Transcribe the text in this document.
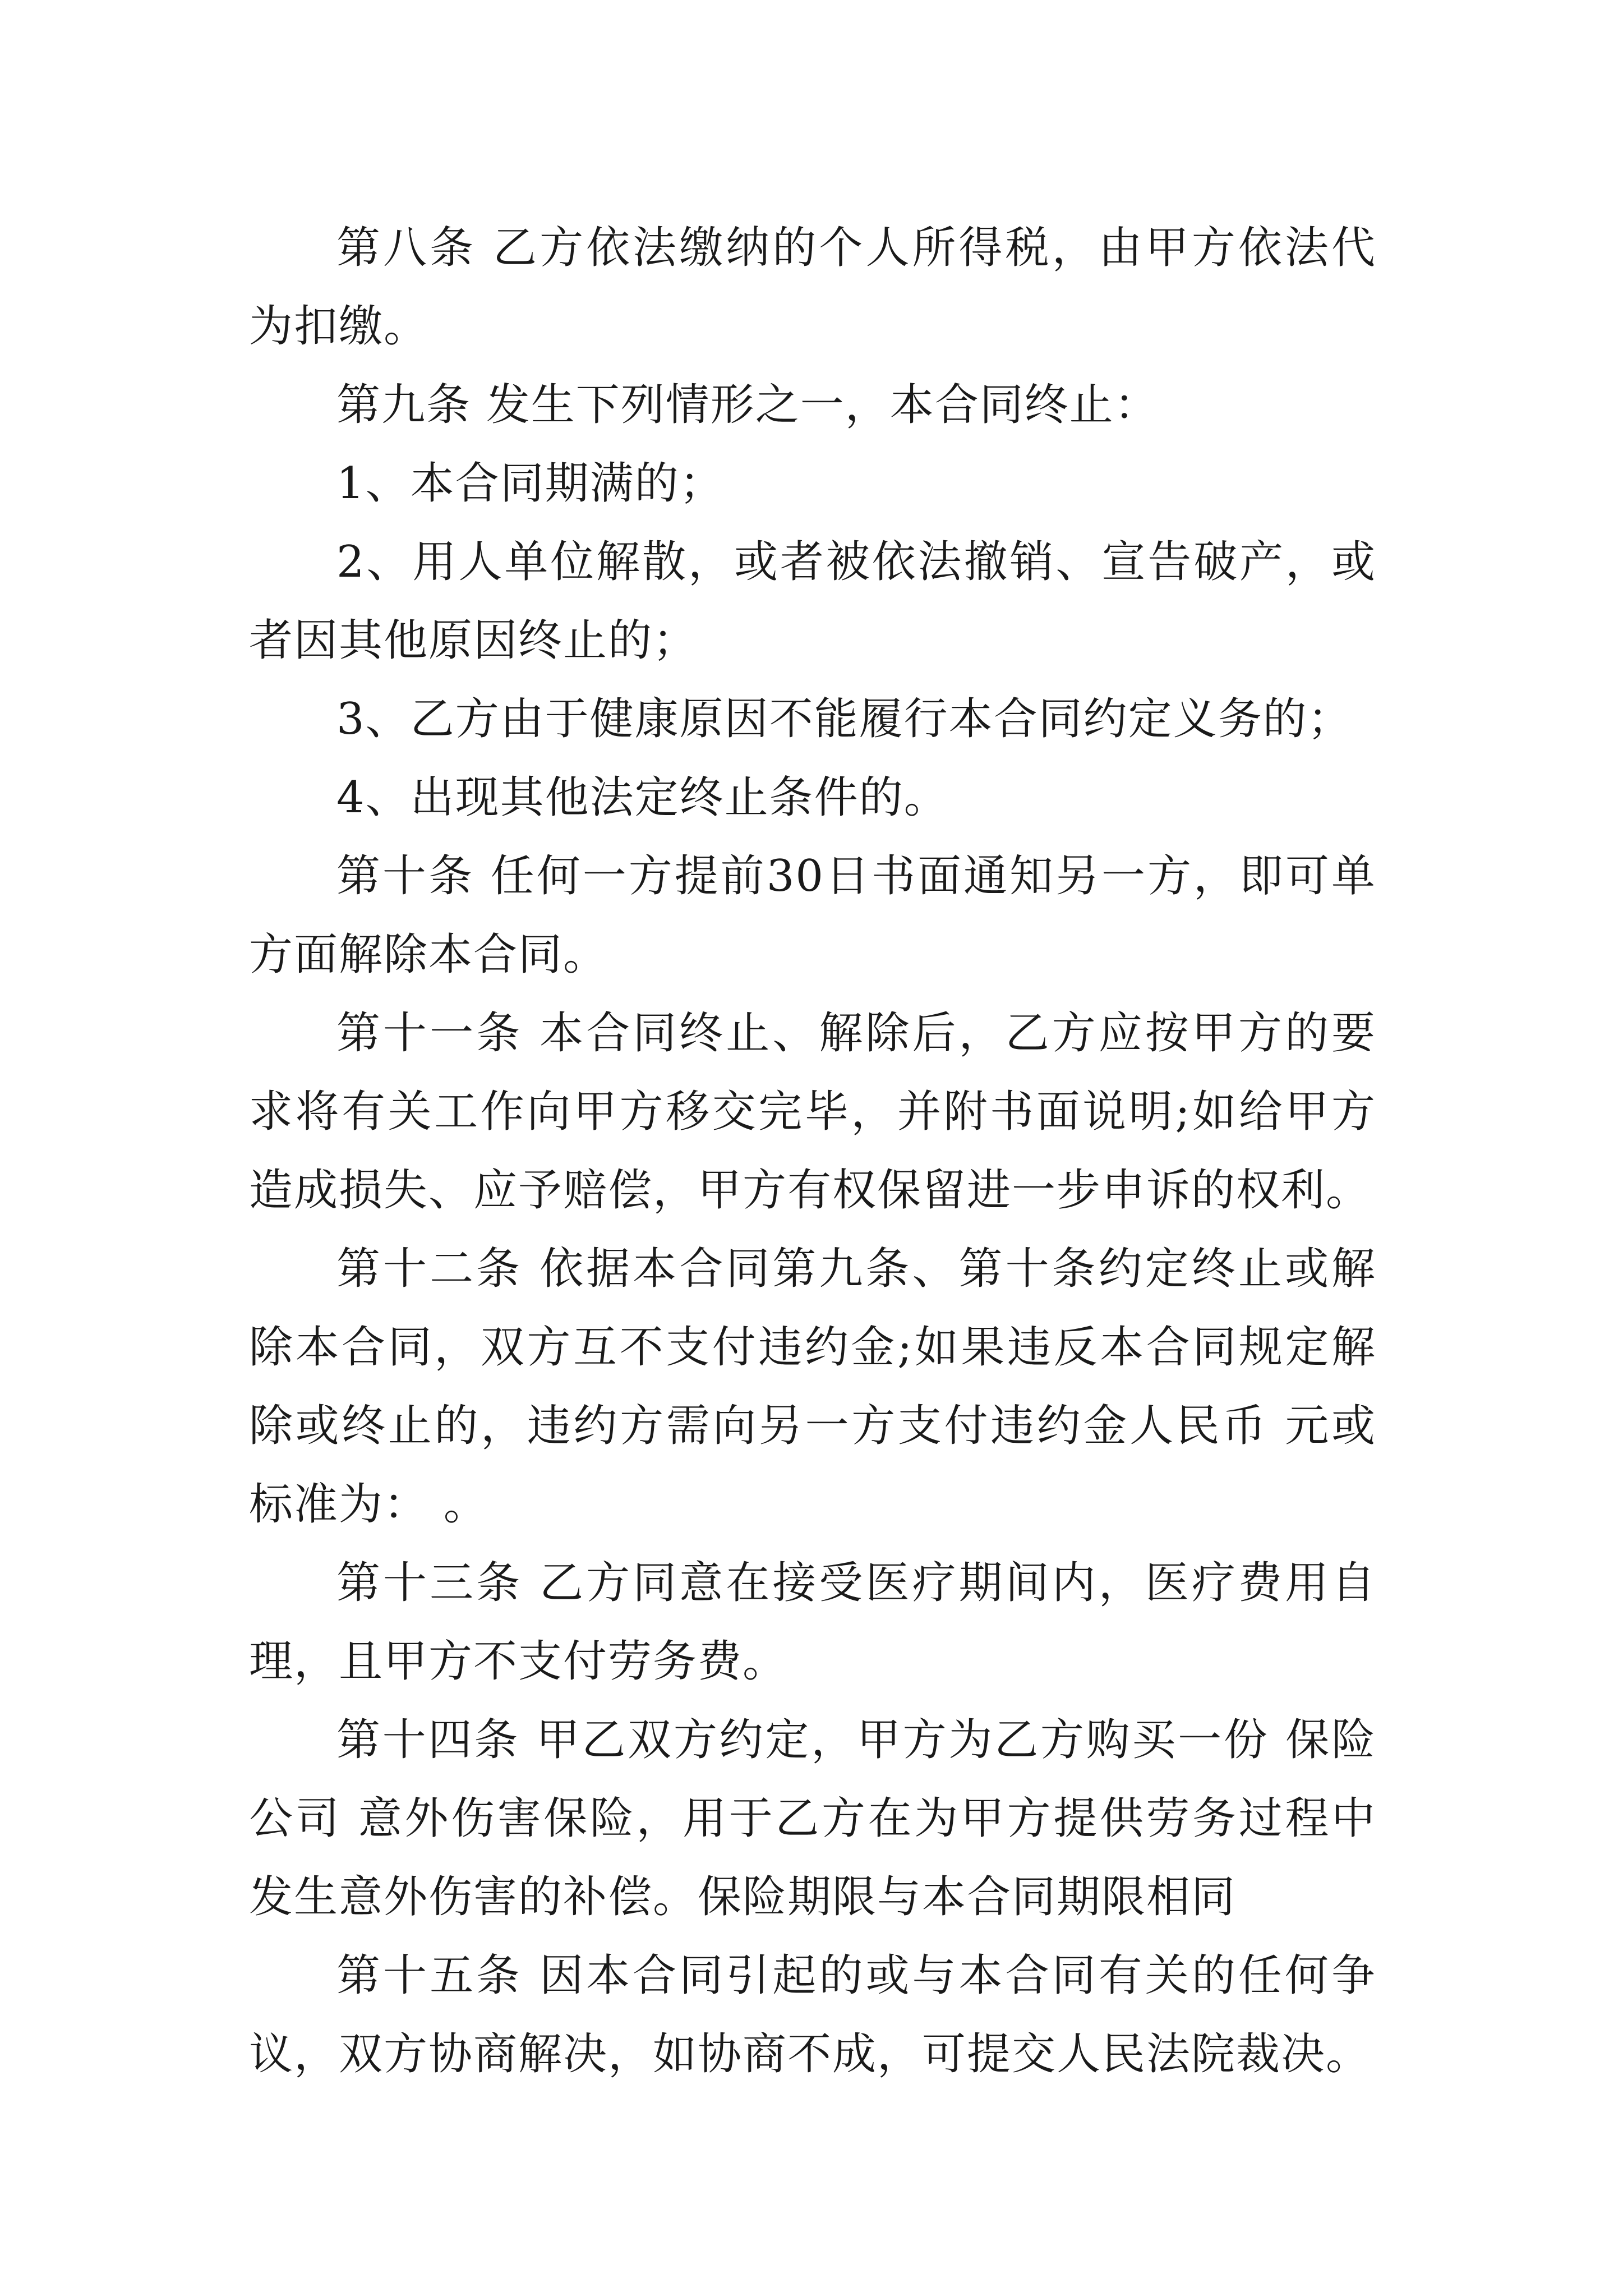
第八条 乙方依法缴纳的个人所得税，由甲方依法代为扣缴。

第九条 发生下列情形之一，本合同终止：

1、本合同期满的；

2、用人单位解散，或者被依法撤销、宣告破产，或者因其他原因终止的；

3、乙方由于健康原因不能履行本合同约定义务的；

4、出现其他法定终止条件的。

第十条 任何一方提前30日书面通知另一方，即可单方面解除本合同。

第十一条 本合同终止、解除后，乙方应按甲方的要求将有关工作向甲方移交完毕，并附书面说明;如给甲方造成损失、应予赔偿，甲方有权保留进一步申诉的权利。

第十二条 依据本合同第九条、第十条约定终止或解除本合同，双方互不支付违约金;如果违反本合同规定解除或终止的，违约方需向另一方支付违约金人民币 元或标准为： 。

第十三条 乙方同意在接受医疗期间内，医疗费用自理，且甲方不支付劳务费。

第十四条 甲乙双方约定，甲方为乙方购买一份 保险公司 意外伤害保险，用于乙方在为甲方提供劳务过程中发生意外伤害的补偿。保险期限与本合同期限相同

第十五条 因本合同引起的或与本合同有关的任何争议，双方协商解决，如协商不成，可提交人民法院裁决。
